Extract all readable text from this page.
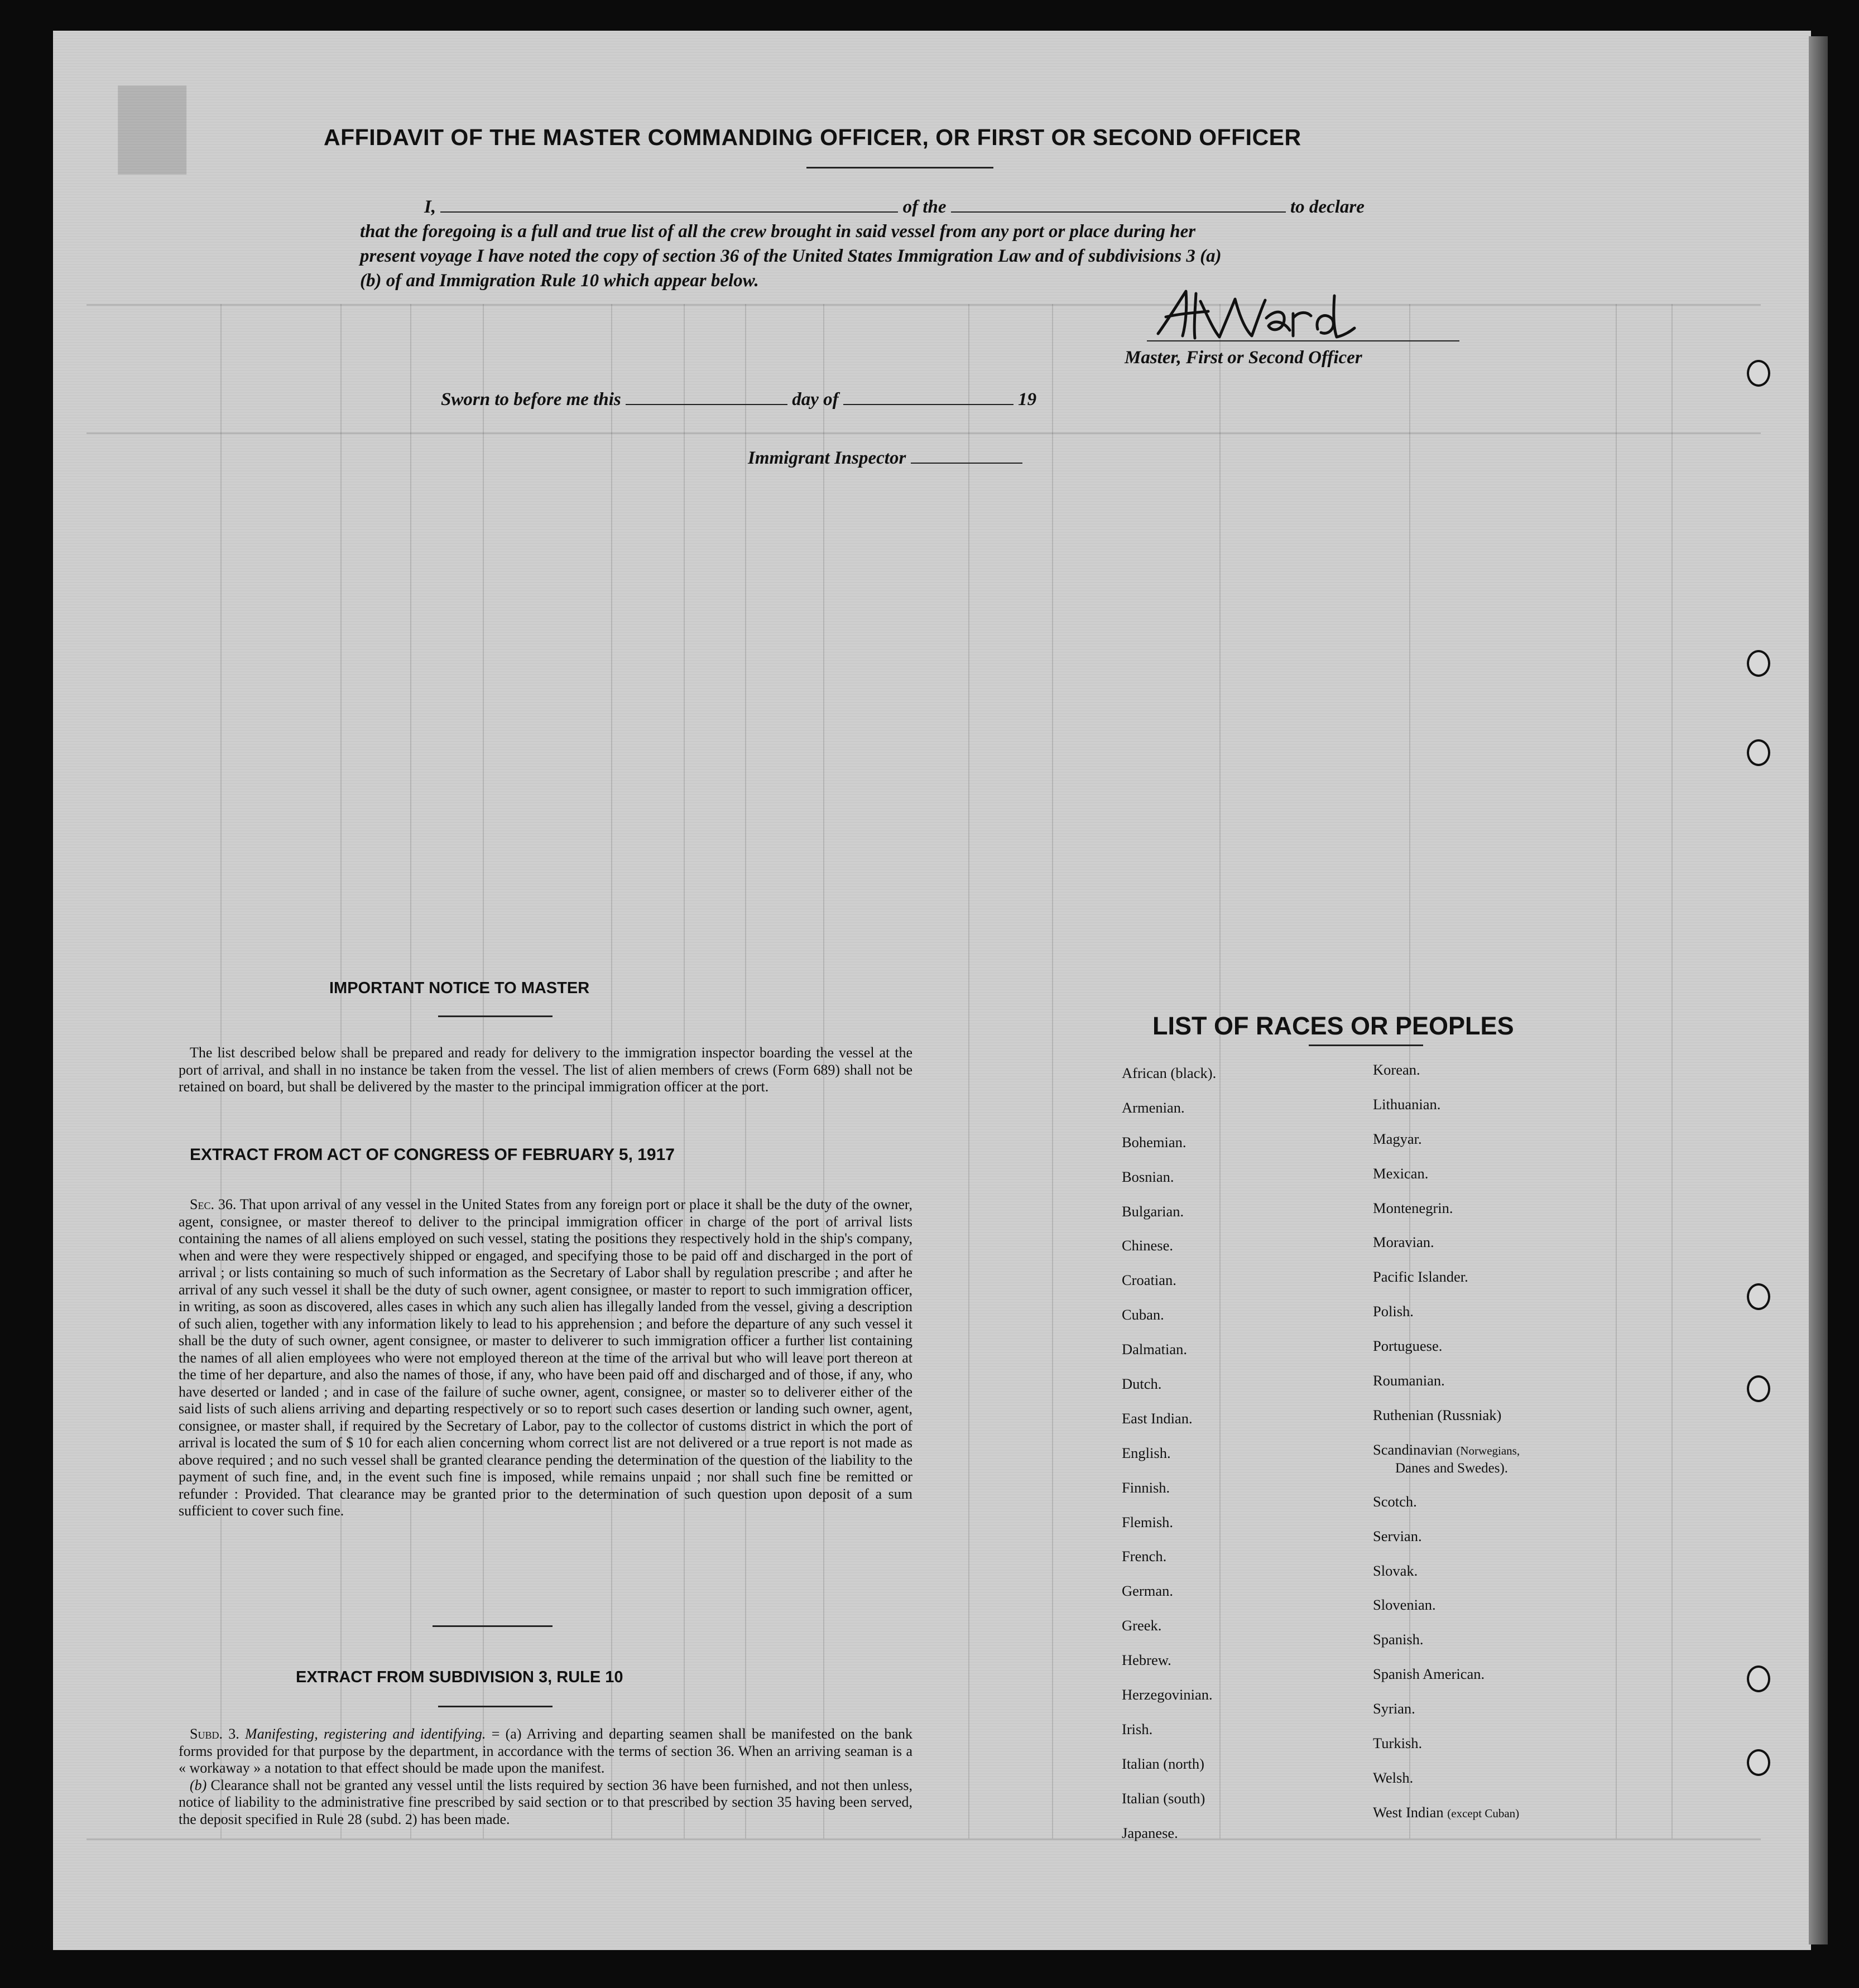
▇	AFFIDAVIT OF THE MASTER COMMANDING OFFICER, OR FIRST OR SECOND OFFICER
I,	of the	to declare
that the foregoing is a full and true list of all the crew brought in said vessel from any port or place during her
present voyage I have noted the copy of section 36 of the United States Immigration Law and of subdivisions 3 (a)
(b) of and Immigration Rule 10 which appear below.
Master, First or Second Officer
Sworn to before me this	day of	19
Immigrant Inspector
IMPORTANT NOTICE TO MASTER

The list described below shall be prepared and ready for delivery to the immigration inspector boarding the vessel at the port of arrival, and shall in no instance be taken from the vessel. The list of alien members of crews (Form 689) shall not be retained on board, but shall be delivered by the master to the principal immigration officer at the port.

EXTRACT FROM ACT OF CONGRESS OF FEBRUARY 5, 1917

Sec. 36. That upon arrival of any vessel in the United States from any foreign port or place it shall be the duty of the owner, agent, consignee, or master thereof to deliver to the principal immigration officer in charge of the port of arrival lists containing the names of all aliens employed on such vessel, stating the positions they respectively hold in the ship's company, when and were they were respectively shipped or engaged, and specifying those to be paid off and discharged in the port of arrival ; or lists containing so much of such information as the Secretary of Labor shall by regulation prescribe ; and after he arrival of any such vessel it shall be the duty of such owner, agent consignee, or master to report to such immigration officer, in writing, as soon as discovered, alles cases in which any such alien has illegally landed from the vessel, giving a description of such alien, together with any information likely to lead to his apprehension ; and before the departure of any such vessel it shall be the duty of such owner, agent consignee, or master to deliverer to such immigration officer a further list containing the names of all alien employees who were not employed thereon at the time of the arrival but who will leave port thereon at the time of her departure, and also the names of those, if any, who have been paid off and discharged and of those, if any, who have deserted or landed ; and in case of the failure of suche owner, agent, consignee, or master so to deliverer either of the said lists of such aliens arriving and departing respectively or so to report such cases desertion or landing such owner, agent, consignee, or master shall, if required by the Secretary of Labor, pay to the collector of customs district in which the port of arrival is located the sum of $ 10 for each alien concerning whom correct list are not delivered or a true report is not made as above required ; and no such vessel shall be granted clearance pending the determination of the question of the liability to the payment of such fine, and, in the event such fine is imposed, while remains unpaid ; nor shall such fine be remitted or refunder : Provided. That clearance may be granted prior to the determination of such question upon deposit of a sum sufficient to cover such fine.

EXTRACT FROM SUBDIVISION 3, RULE 10

Subd. 3. Manifesting, registering and identifying. = (a) Arriving and departing seamen shall be manifested on the bank forms provided for that purpose by the department, in accordance with the terms of section 36. When an arriving seaman is a « workaway » a notation to that effect should be made upon the manifest.

(b) Clearance shall not be granted any vessel until the lists required by section 36 have been furnished, and not then unless, notice of liability to the administrative fine prescribed by said section or to that prescribed by section 35 having been served, the deposit specified in Rule 28 (subd. 2) has been made.

LIST OF RACES OR PEOPLES
African (black).
Armenian.
Bohemian.
Bosnian.
Bulgarian.
Chinese.
Croatian.
Cuban.
Dalmatian.
Dutch.
East Indian.
English.
Finnish.
Flemish.
French.
German.
Greek.
Hebrew.
Herzegovinian.
Irish.
Italian (north)
Italian (south)
Japanese.
Korean.
Lithuanian.
Magyar.
Mexican.
Montenegrin.
Moravian.
Pacific Islander.
Polish.
Portuguese.
Roumanian.
Ruthenian (Russniak)
Scandinavian (Norwegians,
Danes and Swedes).
Scotch.
Servian.
Slovak.
Slovenian.
Spanish.
Spanish American.
Syrian.
Turkish.
Welsh.
West Indian (except Cuban)
